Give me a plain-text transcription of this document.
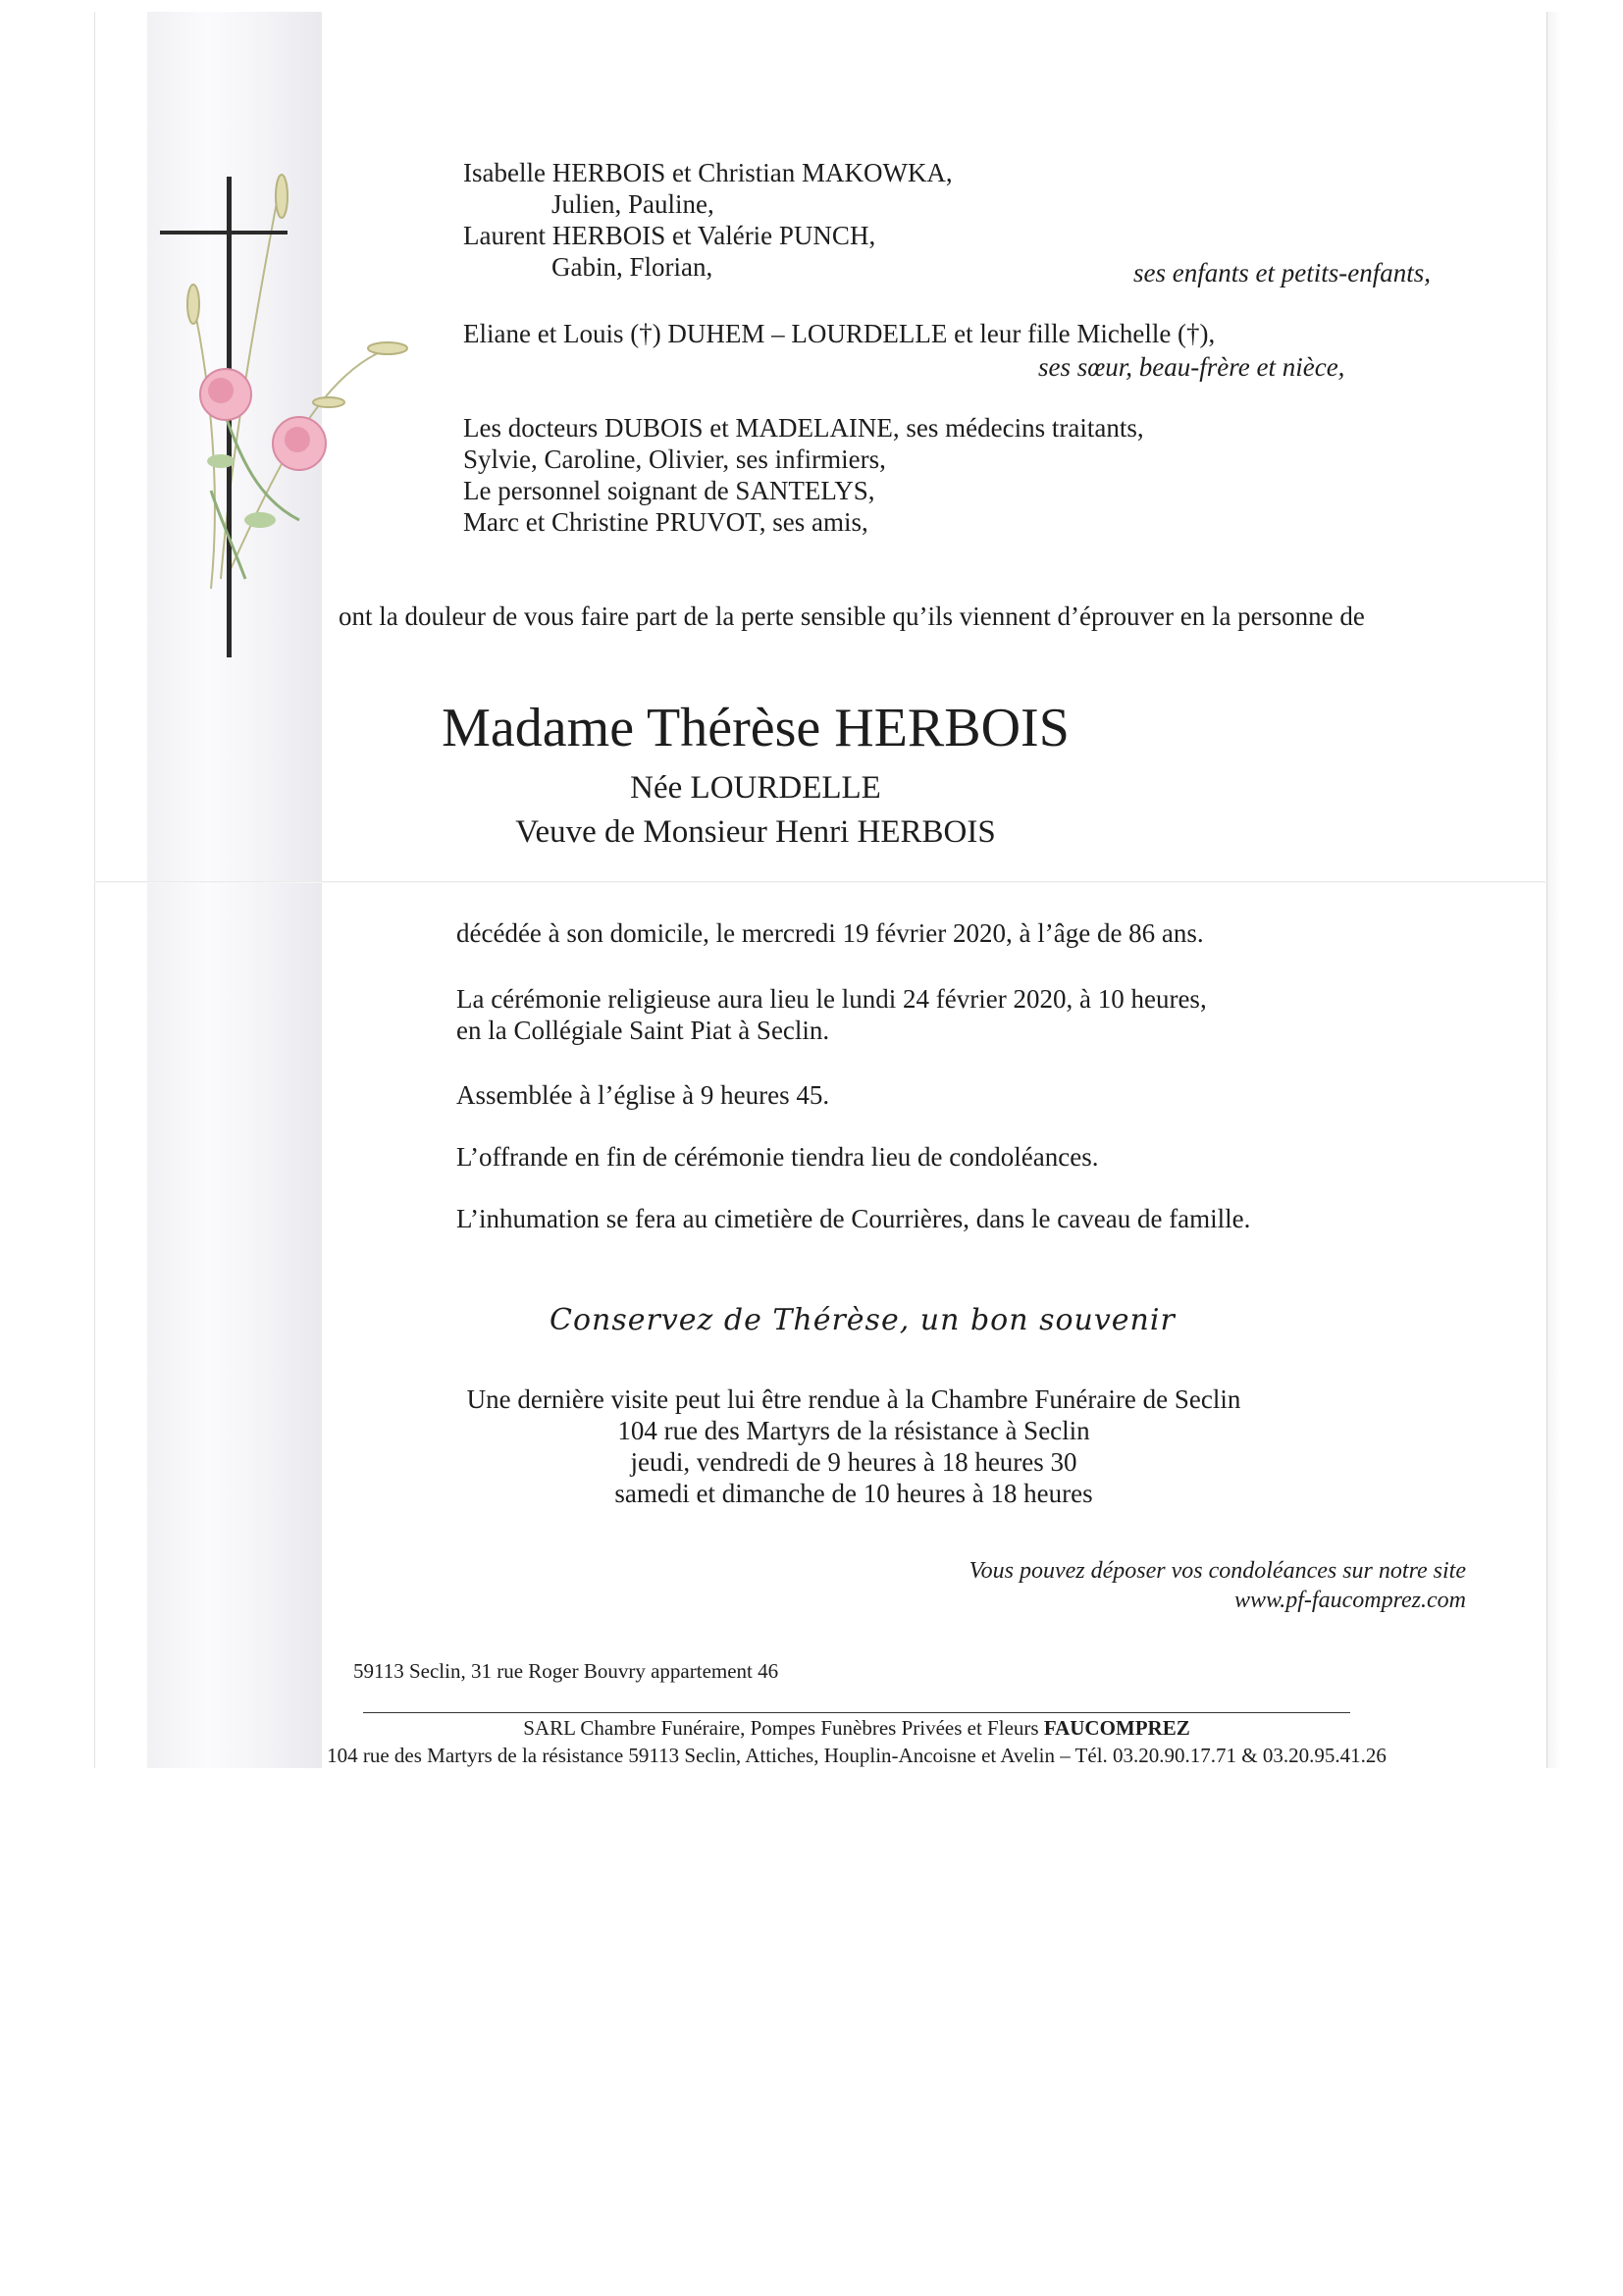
Isabelle HERBOIS et Christian MAKOWKA,
Julien, Pauline,
Laurent HERBOIS et Valérie PUNCH,
Gabin, Florian,	ses enfants et petits-enfants,
Eliane et Louis (†) DUHEM – LOURDELLE et leur fille Michelle (†),
ses sœur, beau-frère et nièce,
Les docteurs DUBOIS et MADELAINE, ses médecins traitants,
Sylvie, Caroline, Olivier, ses infirmiers,
Le personnel soignant de SANTELYS,
Marc et Christine PRUVOT, ses amis,
ont la douleur de vous faire part de la perte sensible qu’ils viennent d’éprouver en la personne de
Madame Thérèse HERBOIS
Née LOURDELLE
Veuve de Monsieur Henri HERBOIS
décédée à son domicile, le mercredi 19 février 2020, à l’âge de 86 ans.
La cérémonie religieuse aura lieu le lundi 24 février 2020, à 10 heures,
en la Collégiale Saint Piat à Seclin.
Assemblée à l’église à 9 heures 45.
L’offrande en fin de cérémonie tiendra lieu de condoléances.
L’inhumation se fera au cimetière de Courrières, dans le caveau de famille.
Conservez de Thérèse, un bon souvenir
Une dernière visite peut lui être rendue à la Chambre Funéraire de Seclin
104 rue des Martyrs de la résistance à Seclin
jeudi, vendredi de 9 heures à 18 heures 30
samedi et dimanche de 10 heures à 18 heures
Vous pouvez déposer vos condoléances sur notre site
www.pf-faucomprez.com
59113 Seclin, 31 rue Roger Bouvry appartement 46
SARL Chambre Funéraire, Pompes Funèbres Privées et Fleurs FAUCOMPREZ
104 rue des Martyrs de la résistance 59113 Seclin, Attiches, Houplin-Ancoisne et Avelin – Tél. 03.20.90.17.71 & 03.20.95.41.26
